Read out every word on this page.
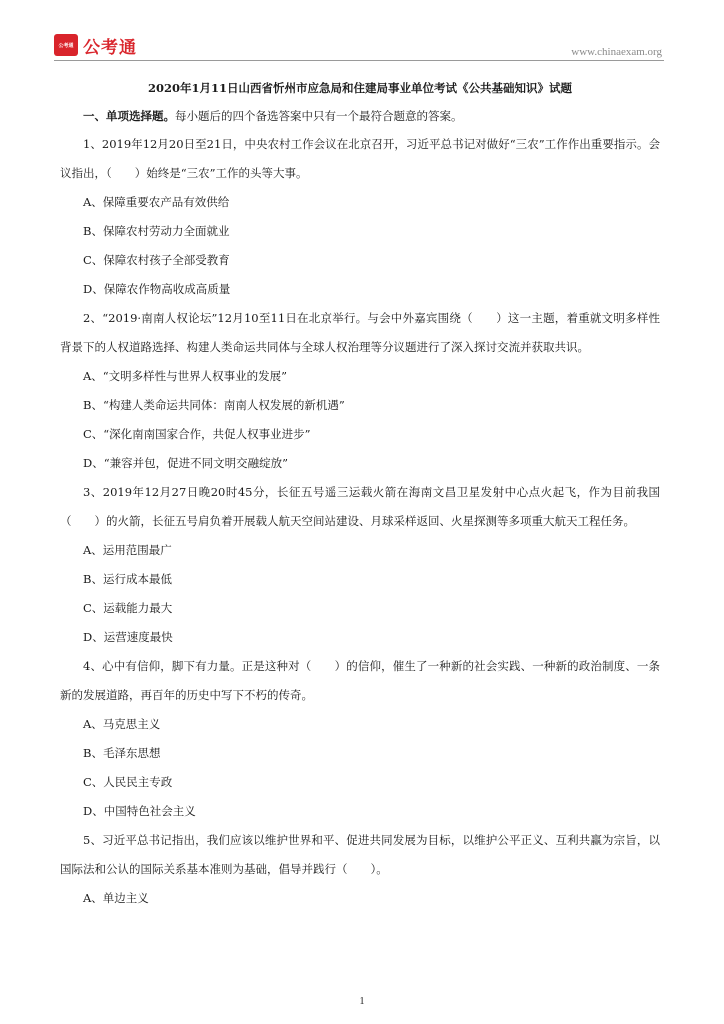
公考通 公考通	www.chinaexam.org

2020年1月11日山西省忻州市应急局和住建局事业单位考试《公共基础知识》试题

一、单项选择题。每小题后的四个备选答案中只有一个最符合题意的答案。

1、2019年12月20日至21日，中央农村工作会议在北京召开，习近平总书记对做好“三农”工作作出重要指示。会议指出，（　　）始终是“三农”工作的头等大事。

A、保障重要农产品有效供给

B、保障农村劳动力全面就业

C、保障农村孩子全部受教育

D、保障农作物高收成高质量

2、“2019·南南人权论坛”12月10至11日在北京举行。与会中外嘉宾围绕（　　）这一主题，着重就文明多样性背景下的人权道路选择、构建人类命运共同体与全球人权治理等分议题进行了深入探讨交流并获取共识。

A、“文明多样性与世界人权事业的发展”

B、“构建人类命运共同体：南南人权发展的新机遇”

C、“深化南南国家合作，共促人权事业进步”

D、“兼容并包，促进不同文明交融绽放”

3、2019年12月27日晚20时45分，长征五号遥三运载火箭在海南文昌卫星发射中心点火起飞，作为目前我国（　　）的火箭，长征五号肩负着开展载人航天空间站建设、月球采样返回、火星探测等多项重大航天工程任务。

A、运用范围最广

B、运行成本最低

C、运载能力最大

D、运营速度最快

4、心中有信仰，脚下有力量。正是这种对（　　）的信仰，催生了一种新的社会实践、一种新的政治制度、一条新的发展道路，再百年的历史中写下不朽的传奇。

A、马克思主义

B、毛泽东思想

C、人民民主专政

D、中国特色社会主义

5、习近平总书记指出，我们应该以维护世界和平、促进共同发展为目标，以维护公平正义、互利共赢为宗旨，以国际法和公认的国际关系基本准则为基础，倡导并践行（　　）。

A、单边主义

1
